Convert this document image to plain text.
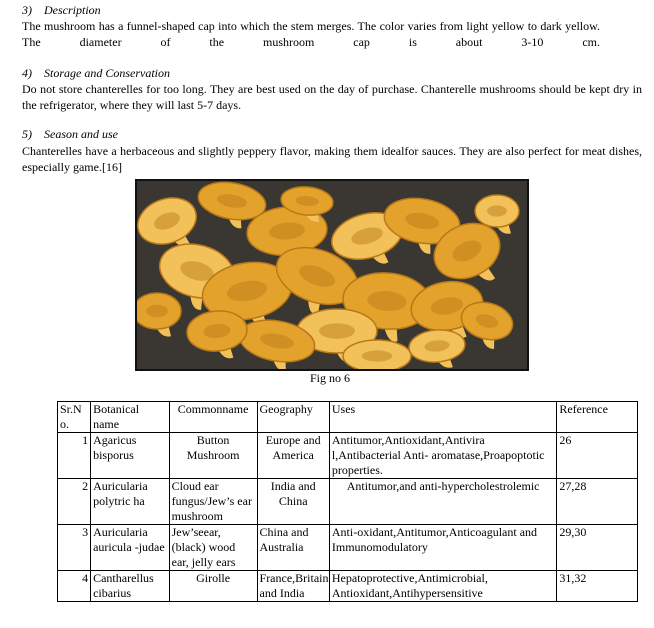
3) Description
The mushroom has a funnel-shaped cap into which the stem merges. The color varies from light yellow to dark yellow. The diameter of the mushroom cap is about 3-10 cm.
4) Storage and Conservation
Do not store chanterelles for too long. They are best used on the day of purchase. Chanterelle mushrooms should be kept dry in the refrigerator, where they will last 5-7 days.
5) Season and use
Chanterelles have a herbaceous and slightly peppery flavor, making them idealfor sauces. They are also perfect for meat dishes, especially game.[16]
Fig no 6
Sr.N o.	Botanical name	Commonname	Geography	Uses	Reference
1	Agaricus bisporus	Button Mushroom	Europe and America	Antitumor,Antioxidant,Antivira l,Antibacterial Anti- aromatase,Proapoptotic properties.	26
2	Auricularia polytric ha	Cloud ear fungus/Jew’s ear mushroom	India and China	Antitumor,and anti-hypercholestrolemic	27,28
3	Auricularia auricula -judae	Jew’seear,(black) wood ear, jelly ears	China and Australia	Anti-oxidant,Antitumor,Anticoagulant and Immunomodulatory	29,30
4	Cantharellus cibarius	Girolle	France,Britain and India	Hepatoprotective,Antimicrobial, Antioxidant,Antihypersensitive	31,32
